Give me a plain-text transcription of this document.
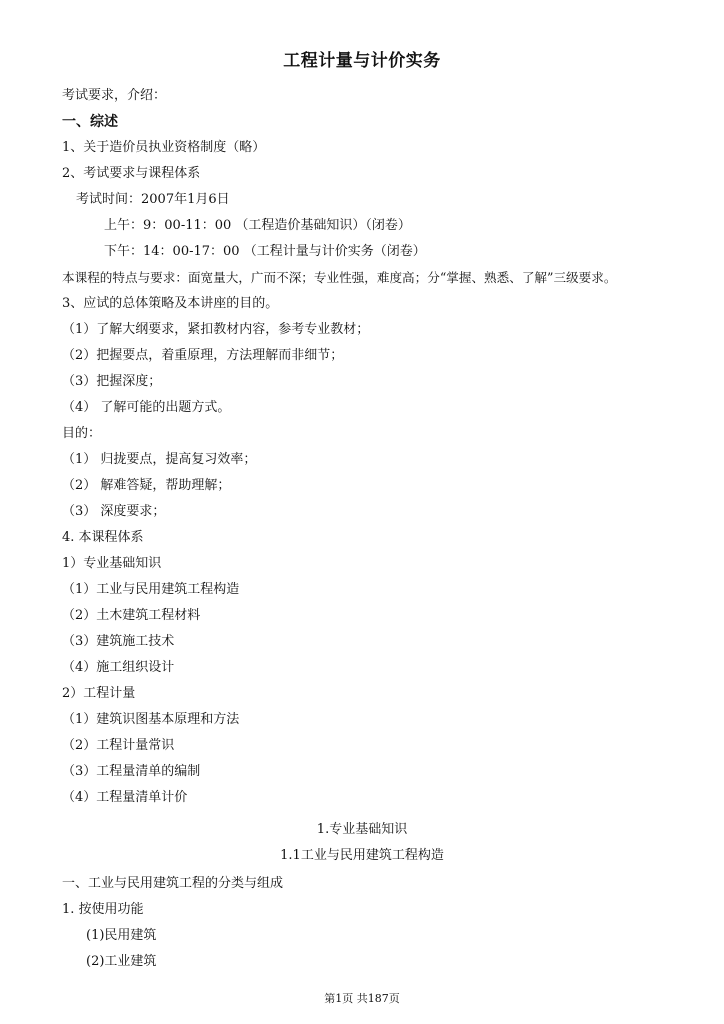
工程计量与计价实务
考试要求，介绍：
一、综述
1、关于造价员执业资格制度（略）
2、考试要求与课程体系
考试时间：2007年1月6日
上午：9：00-11：00 （工程造价基础知识）（闭卷）
下午：14：00-17：00 （工程计量与计价实务（闭卷）
本课程的特点与要求：面宽量大，广而不深；专业性强，难度高；分“掌握、熟悉、了解”三级要求。
3、应试的总体策略及本讲座的目的。
（1）了解大纲要求，紧扣教材内容，参考专业教材；
（2）把握要点，着重原理，方法理解而非细节；
（3）把握深度；
（4） 了解可能的出题方式。
目的：
（1） 归拢要点，提高复习效率；
（2） 解难答疑，帮助理解；
（3） 深度要求；
4. 本课程体系
1）专业基础知识
（1）工业与民用建筑工程构造
（2）土木建筑工程材料
（3）建筑施工技术
（4）施工组织设计
2）工程计量
（1）建筑识图基本原理和方法
（2）工程计量常识
（3）工程量清单的编制
（4）工程量清单计价
1.专业基础知识
1.1工业与民用建筑工程构造
一、工业与民用建筑工程的分类与组成
1. 按使用功能
(1)民用建筑
(2)工业建筑
第1页 共187页
